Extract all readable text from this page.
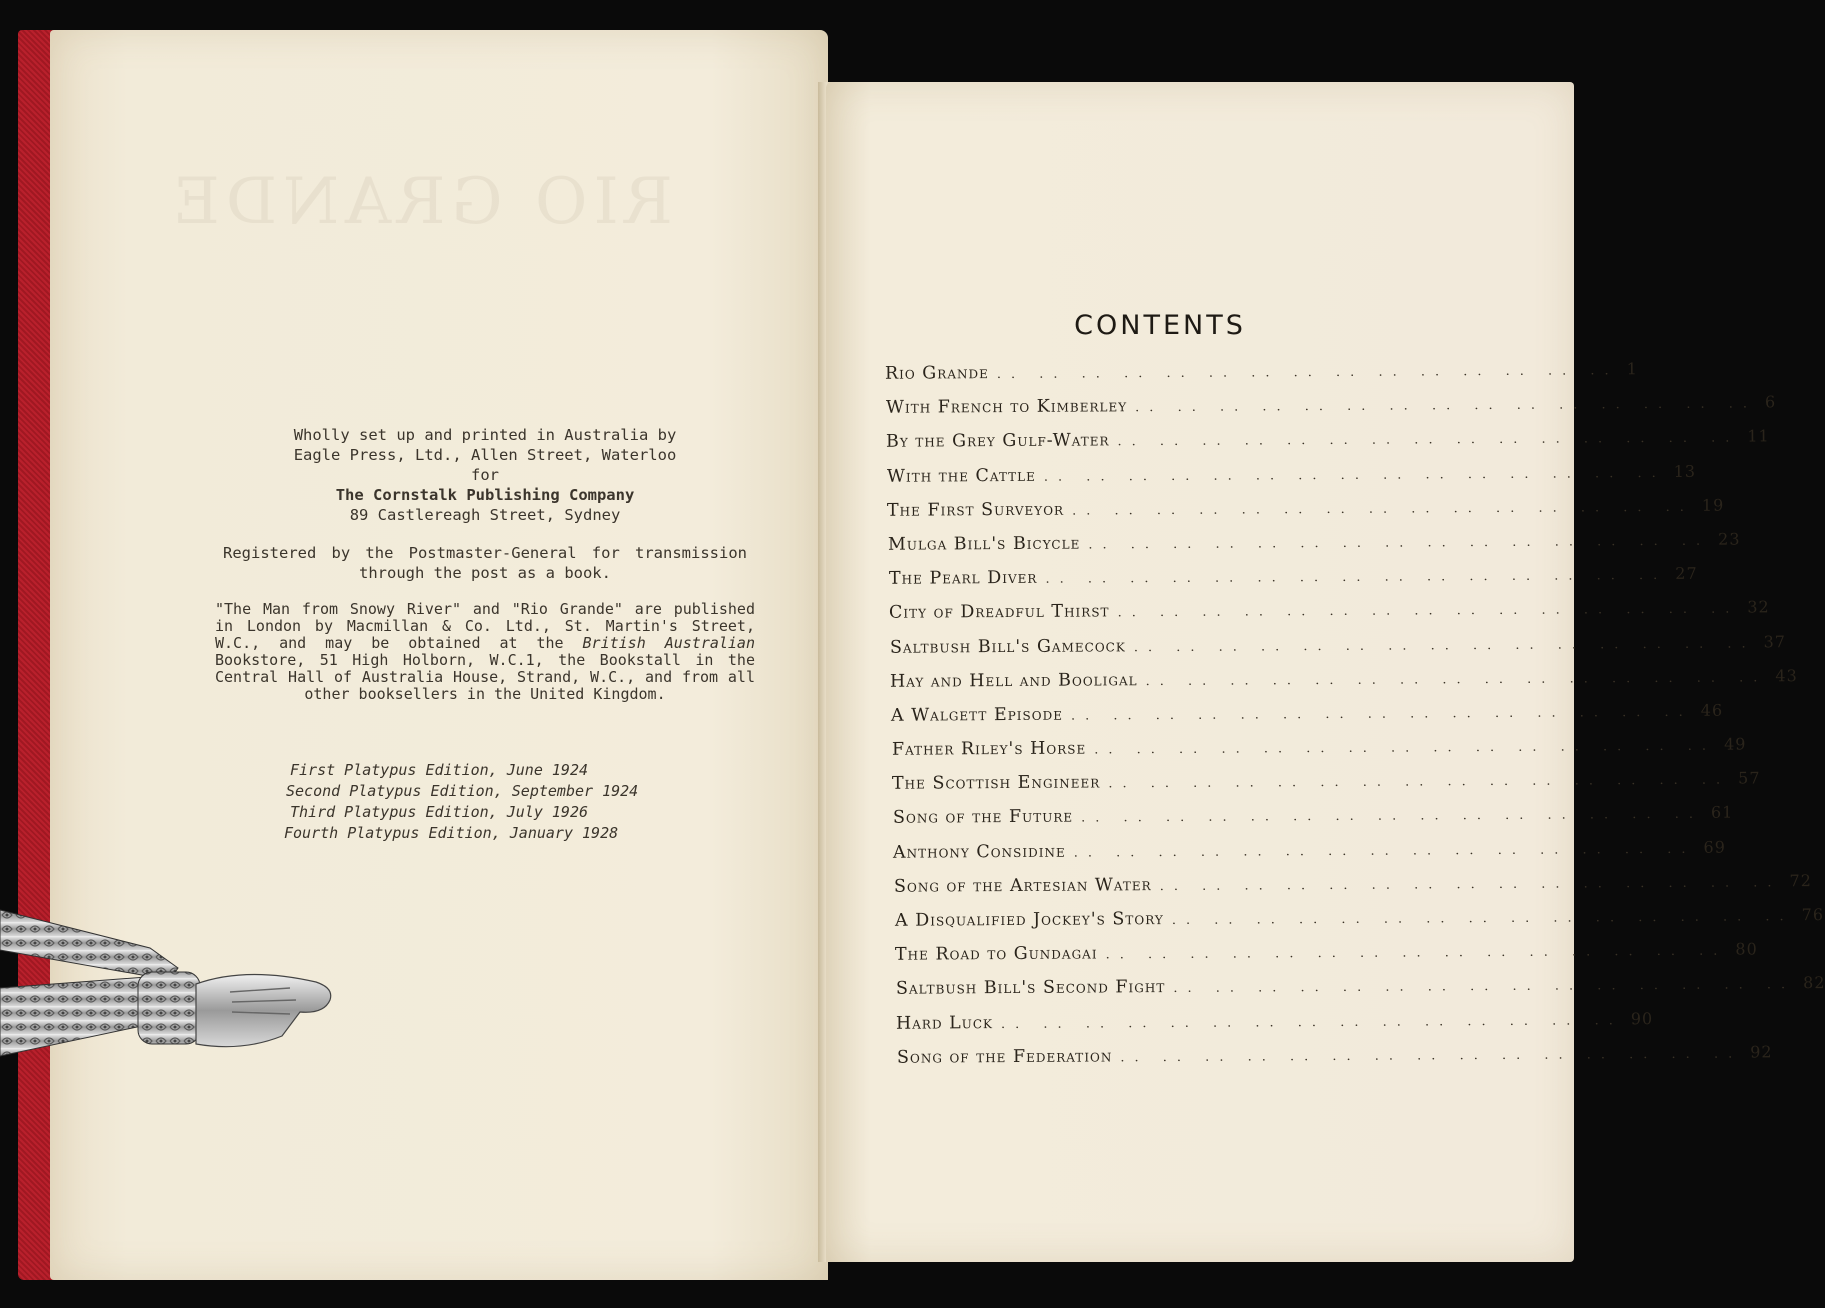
RIO GRANDE

Wholly set up and printed in Australia by

Eagle Press, Ltd., Allen Street, Waterloo

for

The Cornstalk Publishing Company

89 Castlereagh Street, Sydney

Registered by the Postmaster-General for transmission through the post as a book.

"The Man from Snowy River" and "Rio Grande" are published in London by Macmillan & Co. Ltd., St. Martin's Street, W.C., and may be obtained at the British Australian Bookstore, 51 High Holborn, W.C.1, the Bookstall in the Central Hall of Australia House, Strand, W.C., and from all other booksellers in the United Kingdom.

First Platypus Edition, June 1924
Second Platypus Edition, September 1924
Third Platypus Edition, July 1926
Fourth Platypus Edition, January 1928
CONTENTS
Rio Grande .. .. .. .. .. .. .. .. .. .. .. .. .. .. .. 1
With French to Kimberley .. .. .. .. .. .. .. .. .. .. .. .. .. .. .. 6
By the Grey Gulf-Water .. .. .. .. .. .. .. .. .. .. .. .. .. .. .. 11
With the Cattle .. .. .. .. .. .. .. .. .. .. .. .. .. .. .. 13
The First Surveyor .. .. .. .. .. .. .. .. .. .. .. .. .. .. .. 19
Mulga Bill's Bicycle .. .. .. .. .. .. .. .. .. .. .. .. .. .. .. 23
The Pearl Diver .. .. .. .. .. .. .. .. .. .. .. .. .. .. .. 27
City of Dreadful Thirst .. .. .. .. .. .. .. .. .. .. .. .. .. .. .. 32
Saltbush Bill's Gamecock .. .. .. .. .. .. .. .. .. .. .. .. .. .. .. 37
Hay and Hell and Booligal .. .. .. .. .. .. .. .. .. .. .. .. .. .. .. 43
A Walgett Episode .. .. .. .. .. .. .. .. .. .. .. .. .. .. .. 46
Father Riley's Horse .. .. .. .. .. .. .. .. .. .. .. .. .. .. .. 49
The Scottish Engineer .. .. .. .. .. .. .. .. .. .. .. .. .. .. .. 57
Song of the Future .. .. .. .. .. .. .. .. .. .. .. .. .. .. .. 61
Anthony Considine .. .. .. .. .. .. .. .. .. .. .. .. .. .. .. 69
Song of the Artesian Water .. .. .. .. .. .. .. .. .. .. .. .. .. .. .. 72
A Disqualified Jockey's Story .. .. .. .. .. .. .. .. .. .. .. .. .. .. .. 76
The Road to Gundagai .. .. .. .. .. .. .. .. .. .. .. .. .. .. .. 80
Saltbush Bill's Second Fight .. .. .. .. .. .. .. .. .. .. .. .. .. .. .. 82
Hard Luck .. .. .. .. .. .. .. .. .. .. .. .. .. .. .. 90
Song of the Federation .. .. .. .. .. .. .. .. .. .. .. .. .. .. .. 92
